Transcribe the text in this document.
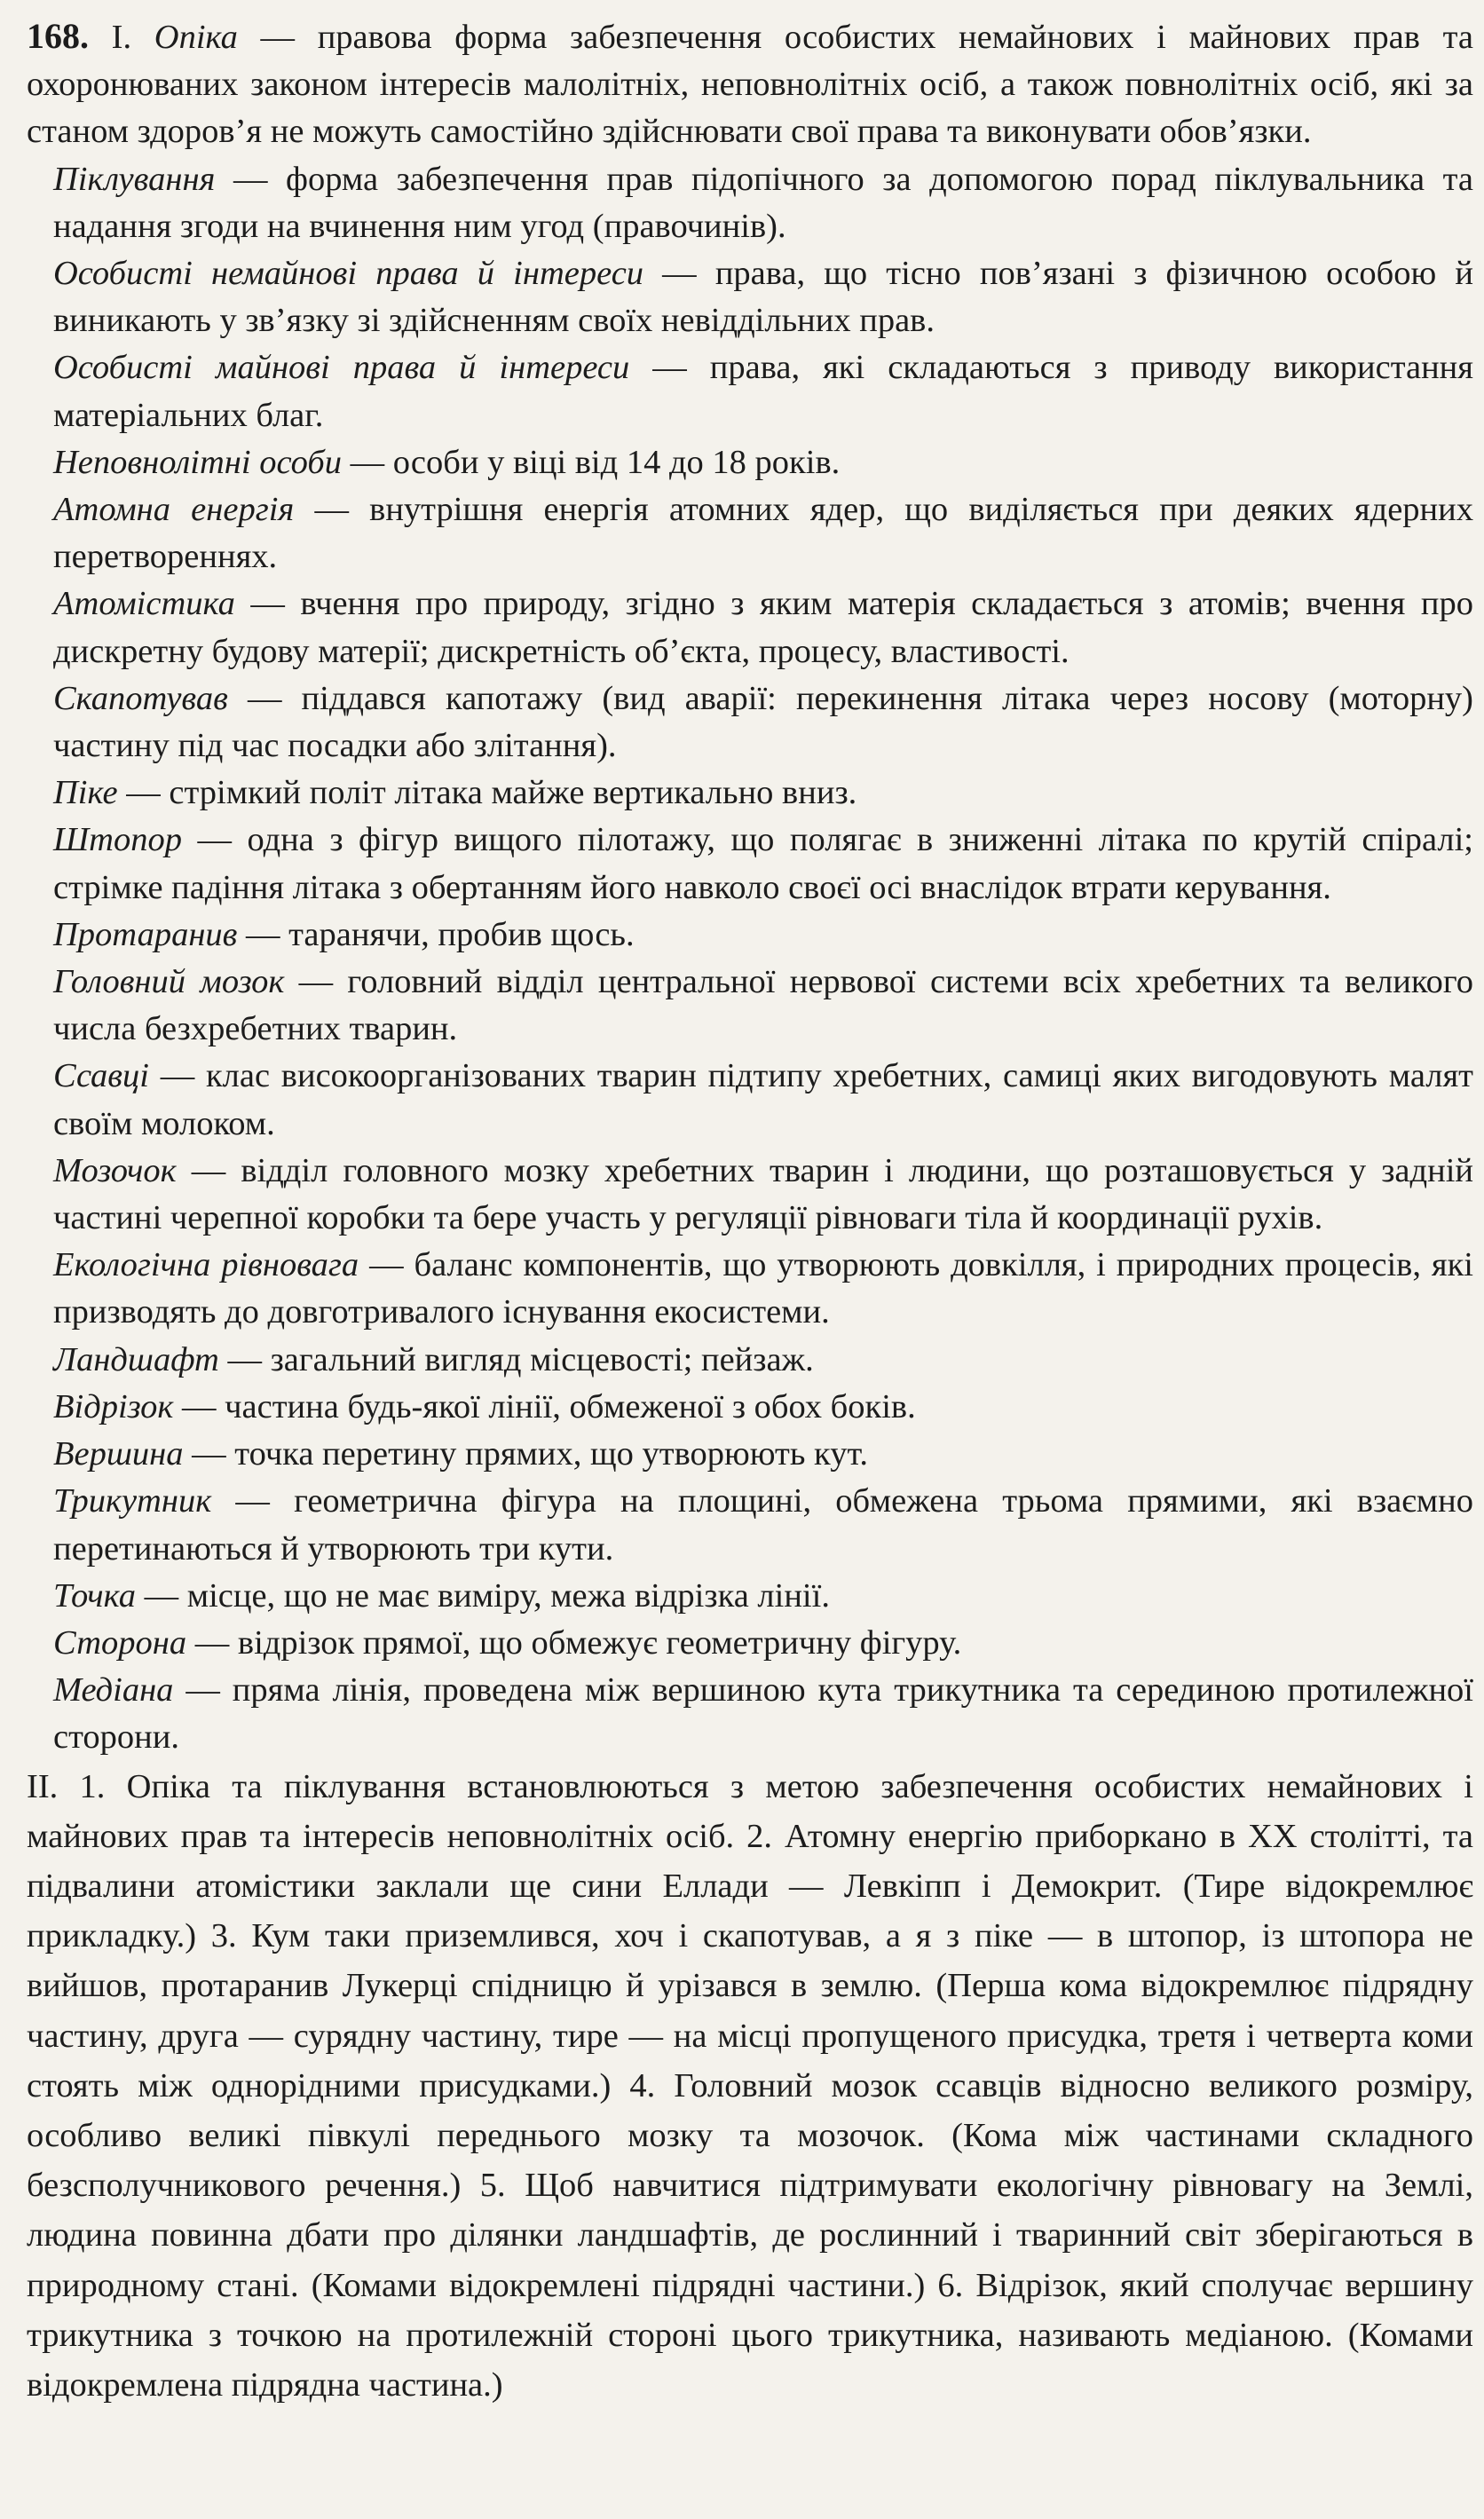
168. I. Опіка — правова форма забезпечення особистих немайнових і майнових прав та охоронюваних законом інтересів малолітніх, неповнолітніх осіб, а також повнолітніх осіб, які за станом здоров’я не можуть самостійно здійснювати свої права та виконувати обов’язки.

Піклування — форма забезпечення прав підопічного за допомогою порад піклувальника та надання згоди на вчинення ним угод (правочинів).

Особисті немайнові права й інтереси — права, що тісно пов’язані з фізичною особою й виникають у зв’язку зі здійсненням своїх невіддільних прав.

Особисті майнові права й інтереси — права, які складаються з приводу використання матеріальних благ.

Неповнолітні особи — особи у віці від 14 до 18 років.

Атомна енергія — внутрішня енергія атомних ядер, що виділяється при деяких ядерних перетвореннях.

Атомістика — вчення про природу, згідно з яким матерія складається з атомів; вчення про дискретну будову матерії; дискретність об’єкта, процесу, властивості.

Скапотував — піддався капотажу (вид аварії: перекинення літака через носову (моторну) частину під час посадки або злітання).

Піке — стрімкий політ літака майже вертикально вниз.

Штопор — одна з фігур вищого пілотажу, що полягає в зниженні літака по крутій спіралі; стрімке падіння літака з обертанням його навколо своєї осі внаслідок втрати керування.

Протаранив — таранячи, пробив щось.

Головний мозок — головний відділ центральної нервової системи всіх хребетних та великого числа безхребетних тварин.

Ссавці — клас високоорганізованих тварин підтипу хребетних, самиці яких вигодовують малят своїм молоком.

Мозочок — відділ головного мозку хребетних тварин і людини, що розташовується у задній частині черепної коробки та бере участь у регуляції рівноваги тіла й координації рухів.

Екологічна рівновага — баланс компонентів, що утворюють довкілля, і природних процесів, які призводять до довготривалого існування екосистеми.

Ландшафт — загальний вигляд місцевості; пейзаж.

Відрізок — частина будь-якої лінії, обмеженої з обох боків.

Вершина — точка перетину прямих, що утворюють кут.

Трикутник — геометрична фігура на площині, обмежена трьома прямими, які взаємно перетинаються й утворюють три кути.

Точка — місце, що не має виміру, межа відрізка лінії.

Сторона — відрізок прямої, що обмежує геометричну фігуру.

Медіана — пряма лінія, проведена між вершиною кута трикутника та серединою протилежної сторони.

II. 1. Опіка та піклування встановлюються з метою забезпечення особистих немайнових і майнових прав та інтересів неповнолітніх осіб. 2. Атомну енергію приборкано в XX столітті, та підвалини атомістики заклали ще сини Еллади — Левкіпп і Демокрит. (Тире відокремлює прикладку.) 3. Кум таки приземлився, хоч і скапотував, а я з піке — в штопор, із штопора не вийшов, протаранив Лукерці спідницю й урізався в землю. (Перша кома відокремлює підрядну частину, друга — сурядну частину, тире — на місці пропущеного присудка, третя і четверта коми стоять між однорідними присудками.) 4. Головний мозок ссавців відносно великого розміру, особливо великі півкулі переднього мозку та мозочок. (Кома між частинами складного безсполучникового речення.) 5. Щоб навчитися підтримувати екологічну рівновагу на Землі, людина повинна дбати про ділянки ландшафтів, де рослинний і тваринний світ зберігаються в природному стані. (Комами відокремлені підрядні частини.) 6. Відрізок, який сполучає вершину трикутника з точкою на протилежній стороні цього трикутника, називають медіаною. (Комами відокремлена підрядна частина.)
